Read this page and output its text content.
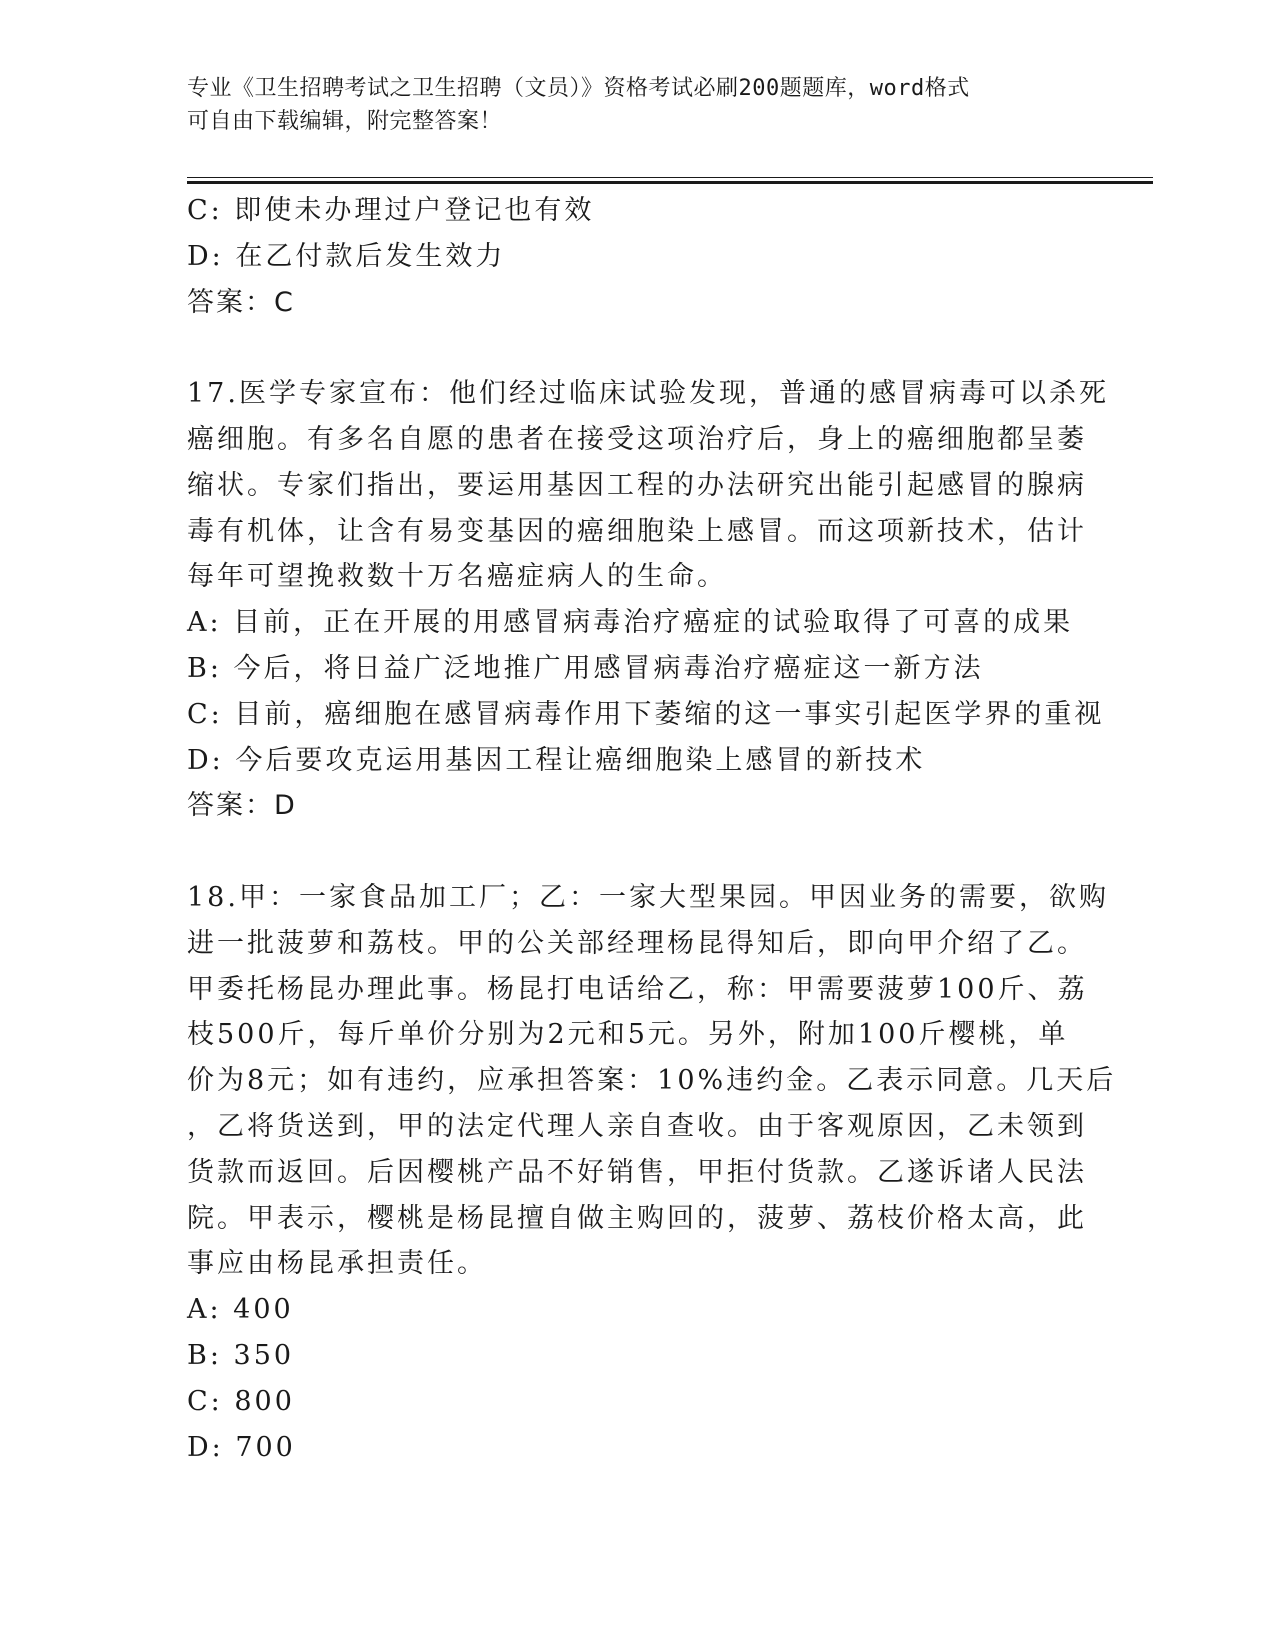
专业《卫生招聘考试之卫生招聘（文员）》资格考试必刷200题题库，word格式
可自由下载编辑，附完整答案！
C: 即使未办理过户登记也有效
D: 在乙付款后发生效力
答案：C
17.医学专家宣布：他们经过临床试验发现，普通的感冒病毒可以杀死
癌细胞。有多名自愿的患者在接受这项治疗后，身上的癌细胞都呈萎
缩状。专家们指出，要运用基因工程的办法研究出能引起感冒的腺病
毒有机体，让含有易变基因的癌细胞染上感冒。而这项新技术，估计
每年可望挽救数十万名癌症病人的生命。
A: 目前，正在开展的用感冒病毒治疗癌症的试验取得了可喜的成果
B: 今后，将日益广泛地推广用感冒病毒治疗癌症这一新方法
C: 目前，癌细胞在感冒病毒作用下萎缩的这一事实引起医学界的重视
D: 今后要攻克运用基因工程让癌细胞染上感冒的新技术
答案：D
18.甲：一家食品加工厂；乙：一家大型果园。甲因业务的需要，欲购
进一批菠萝和荔枝。甲的公关部经理杨昆得知后，即向甲介绍了乙。
甲委托杨昆办理此事。杨昆打电话给乙，称：甲需要菠萝100斤、荔
枝500斤，每斤单价分别为2元和5元。另外，附加100斤樱桃，单
价为8元；如有违约，应承担答案：10%违约金。乙表示同意。几天后
，乙将货送到，甲的法定代理人亲自查收。由于客观原因，乙未领到
货款而返回。后因樱桃产品不好销售，甲拒付货款。乙遂诉诸人民法
院。甲表示，樱桃是杨昆擅自做主购回的，菠萝、荔枝价格太高，此
事应由杨昆承担责任。
A: 400
B: 350
C: 800
D: 700
